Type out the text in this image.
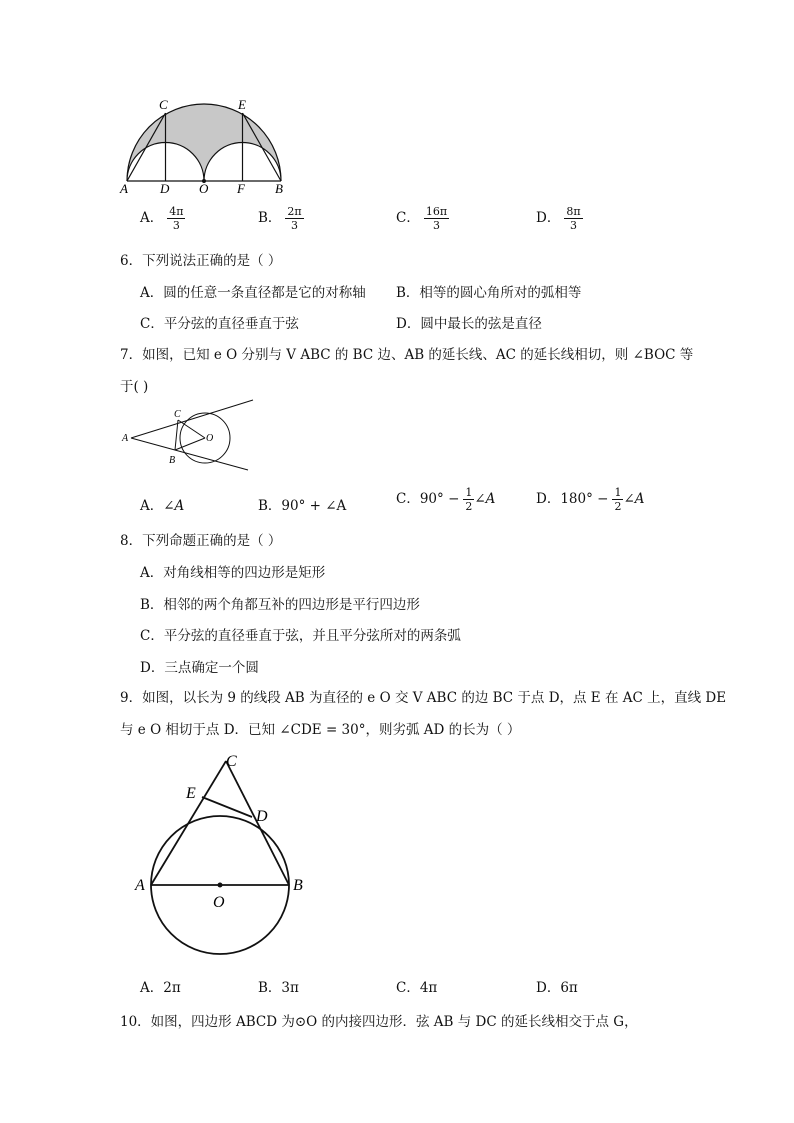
A D O F B
C	E
A． $\frac{4\pi}{3}$	B． $\frac{2\pi}{3}$	C． $\frac{16\pi}{3}$	D． $\frac{8\pi}{3}$
6．下列说法正确的是（ ）
A．圆的任意一条直径都是它的对称轴 B．相等的圆心角所对的弧相等
C．平分弦的直径垂直于弦	D．圆中最长的弦是直径
7．如图，已知 e O 分别与 V ABC 的 BC 边、AB 的延长线、AC 的延长线相切，则 ∠BOC 等
于( )
A
C
B
O
A．∠A	B．90° + ∠A	C．$90^\circ - \frac{1}{2}$ ∠A	D．$180^\circ - \frac{1}{2}$ ∠A
8．下列命题正确的是（ ）
A．对角线相等的四边形是矩形
B．相邻的两个角都互补的四边形是平行四边形
C．平分弦的直径垂直于弦，并且平分弦所对的两条弧
D．三点确定一个圆
9．如图，以长为 9 的线段 AB 为直径的 e O 交 V ABC 的边 BC 于点 D，点 E 在 AC 上，直线 DE
与 e O 相切于点 D．已知 ∠CDE = 30°，则劣弧 AD 的长为（ ）
C
E
D
A	B
O
A．2π	B．3π	C．4π	D．6π
10．如图，四边形 ABCD 为⊙O 的内接四边形．弦 AB 与 DC 的延长线相交于点 G，
